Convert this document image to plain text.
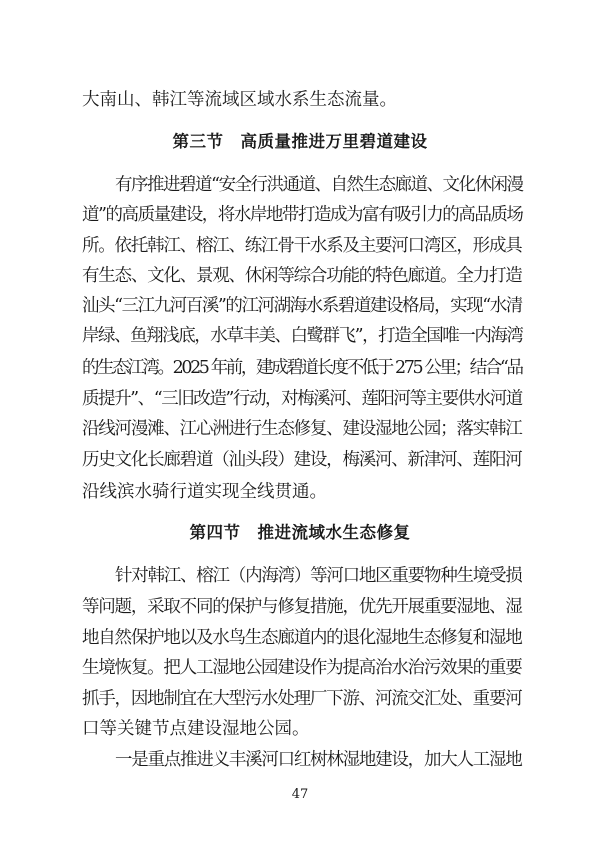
大南山、韩江等流域区域水系生态流量。
第三节　高质量推进万里碧道建设
有序推进碧道“安全行洪通道、自然生态廊道、文化休闲漫
道”的高质量建设，将水岸地带打造成为富有吸引力的高品质场
所。依托韩江、榕江、练江骨干水系及主要河口湾区，形成具
有生态、文化、景观、休闲等综合功能的特色廊道。全力打造
汕头“三江九河百溪”的江河湖海水系碧道建设格局，实现“水清
岸绿、鱼翔浅底，水草丰美、白鹭群飞”，打造全国唯一内海湾
的生态江湾。2025 年前，建成碧道长度不低于 275 公里；结合“品
质提升”、“三旧改造”行动，对梅溪河、莲阳河等主要供水河道
沿线河漫滩、江心洲进行生态修复、建设湿地公园；落实韩江
历史文化长廊碧道（汕头段）建设，梅溪河、新津河、莲阳河
沿线滨水骑行道实现全线贯通。
第四节　推进流域水生态修复
针对韩江、榕江（内海湾）等河口地区重要物种生境受损
等问题，采取不同的保护与修复措施，优先开展重要湿地、湿
地自然保护地以及水鸟生态廊道内的退化湿地生态修复和湿地
生境恢复。把人工湿地公园建设作为提高治水治污效果的重要
抓手，因地制宜在大型污水处理厂下游、河流交汇处、重要河
口等关键节点建设湿地公园。
一是重点推进义丰溪河口红树林湿地建设，加大人工湿地
47
